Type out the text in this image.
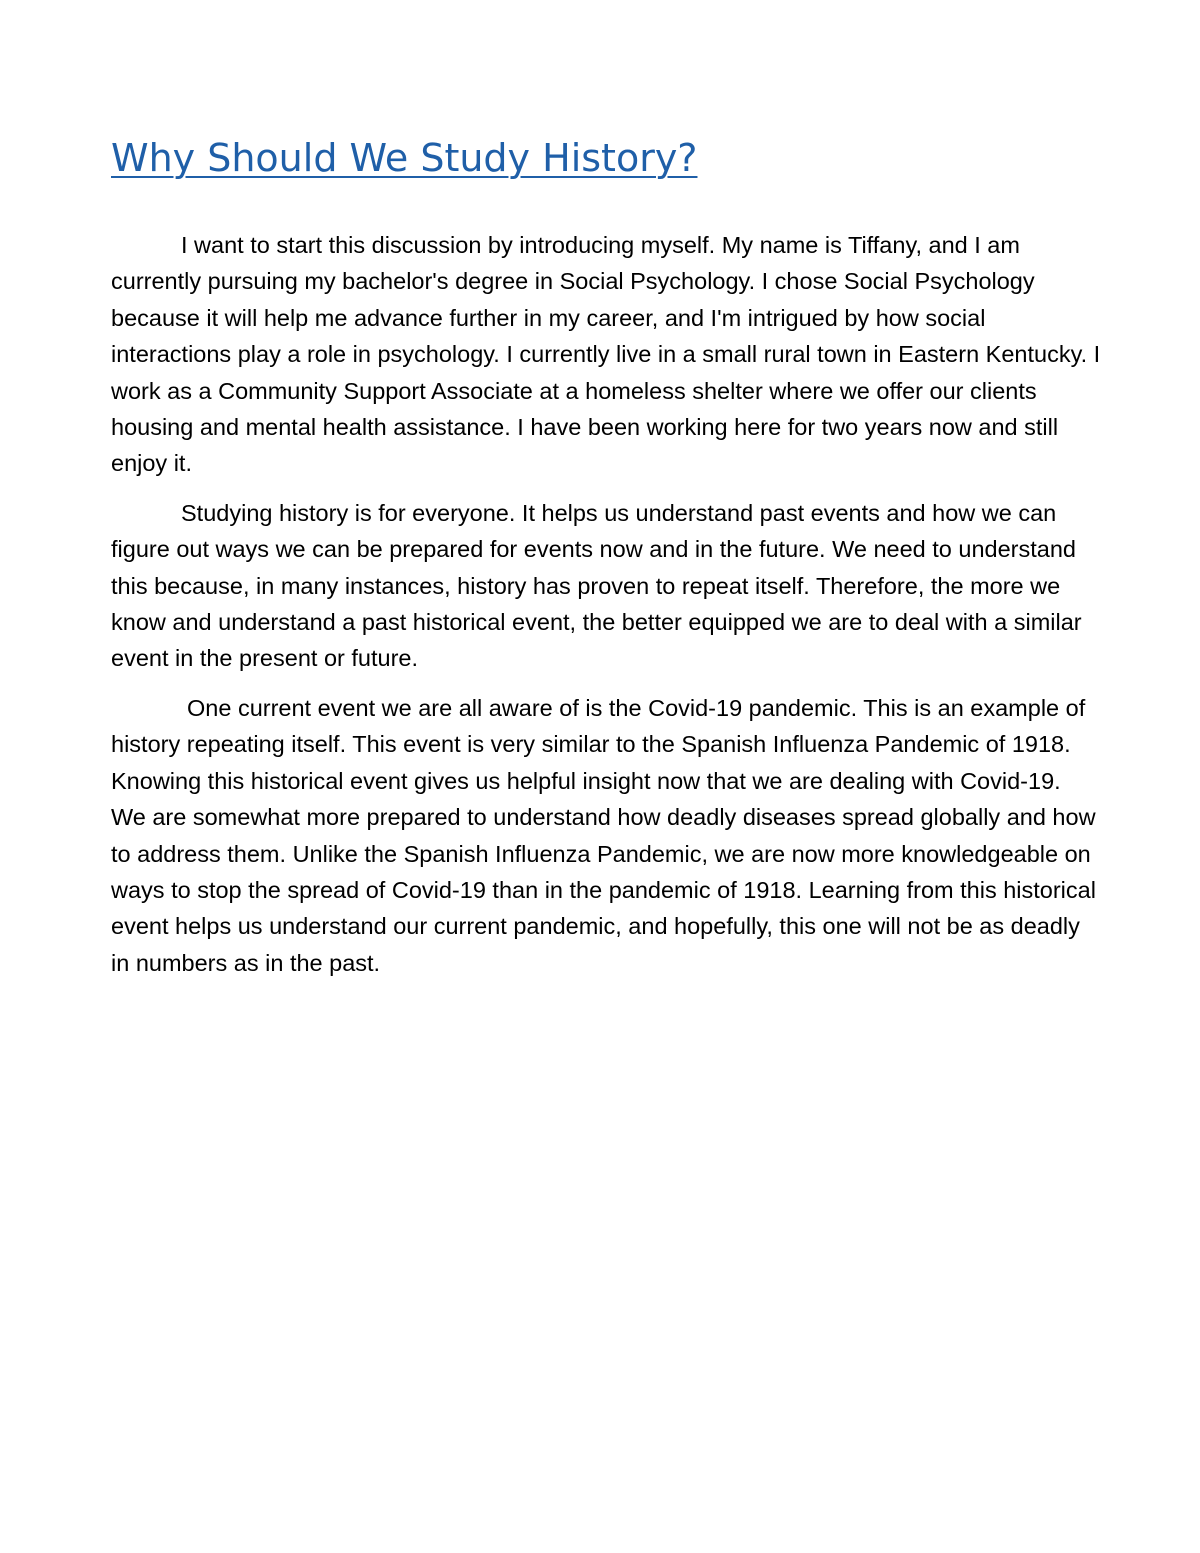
Why Should We Study History?

I want to start this discussion by introducing myself. My name is Tiffany, and I am currently pursuing my bachelor's degree in Social Psychology. I chose Social Psychology because it will help me advance further in my career, and I'm intrigued by how social interactions play a role in psychology. I currently live in a small rural town in Eastern Kentucky. I work as a Community Support Associate at a homeless shelter where we offer our clients housing and mental health assistance. I have been working here for two years now and still enjoy it.

Studying history is for everyone. It helps us understand past events and how we can figure out ways we can be prepared for events now and in the future. We need to understand this because, in many instances, history has proven to repeat itself. Therefore, the more we know and understand a past historical event, the better equipped we are to deal with a similar event in the present or future.

One current event we are all aware of is the Covid-19 pandemic. This is an example of history repeating itself. This event is very similar to the Spanish Influenza Pandemic of 1918. Knowing this historical event gives us helpful insight now that we are dealing with Covid-19. We are somewhat more prepared to understand how deadly diseases spread globally and how to address them. Unlike the Spanish Influenza Pandemic, we are now more knowledgeable on ways to stop the spread of Covid-19 than in the pandemic of 1918. Learning from this historical event helps us understand our current pandemic, and hopefully, this one will not be as deadly in numbers as in the past.
